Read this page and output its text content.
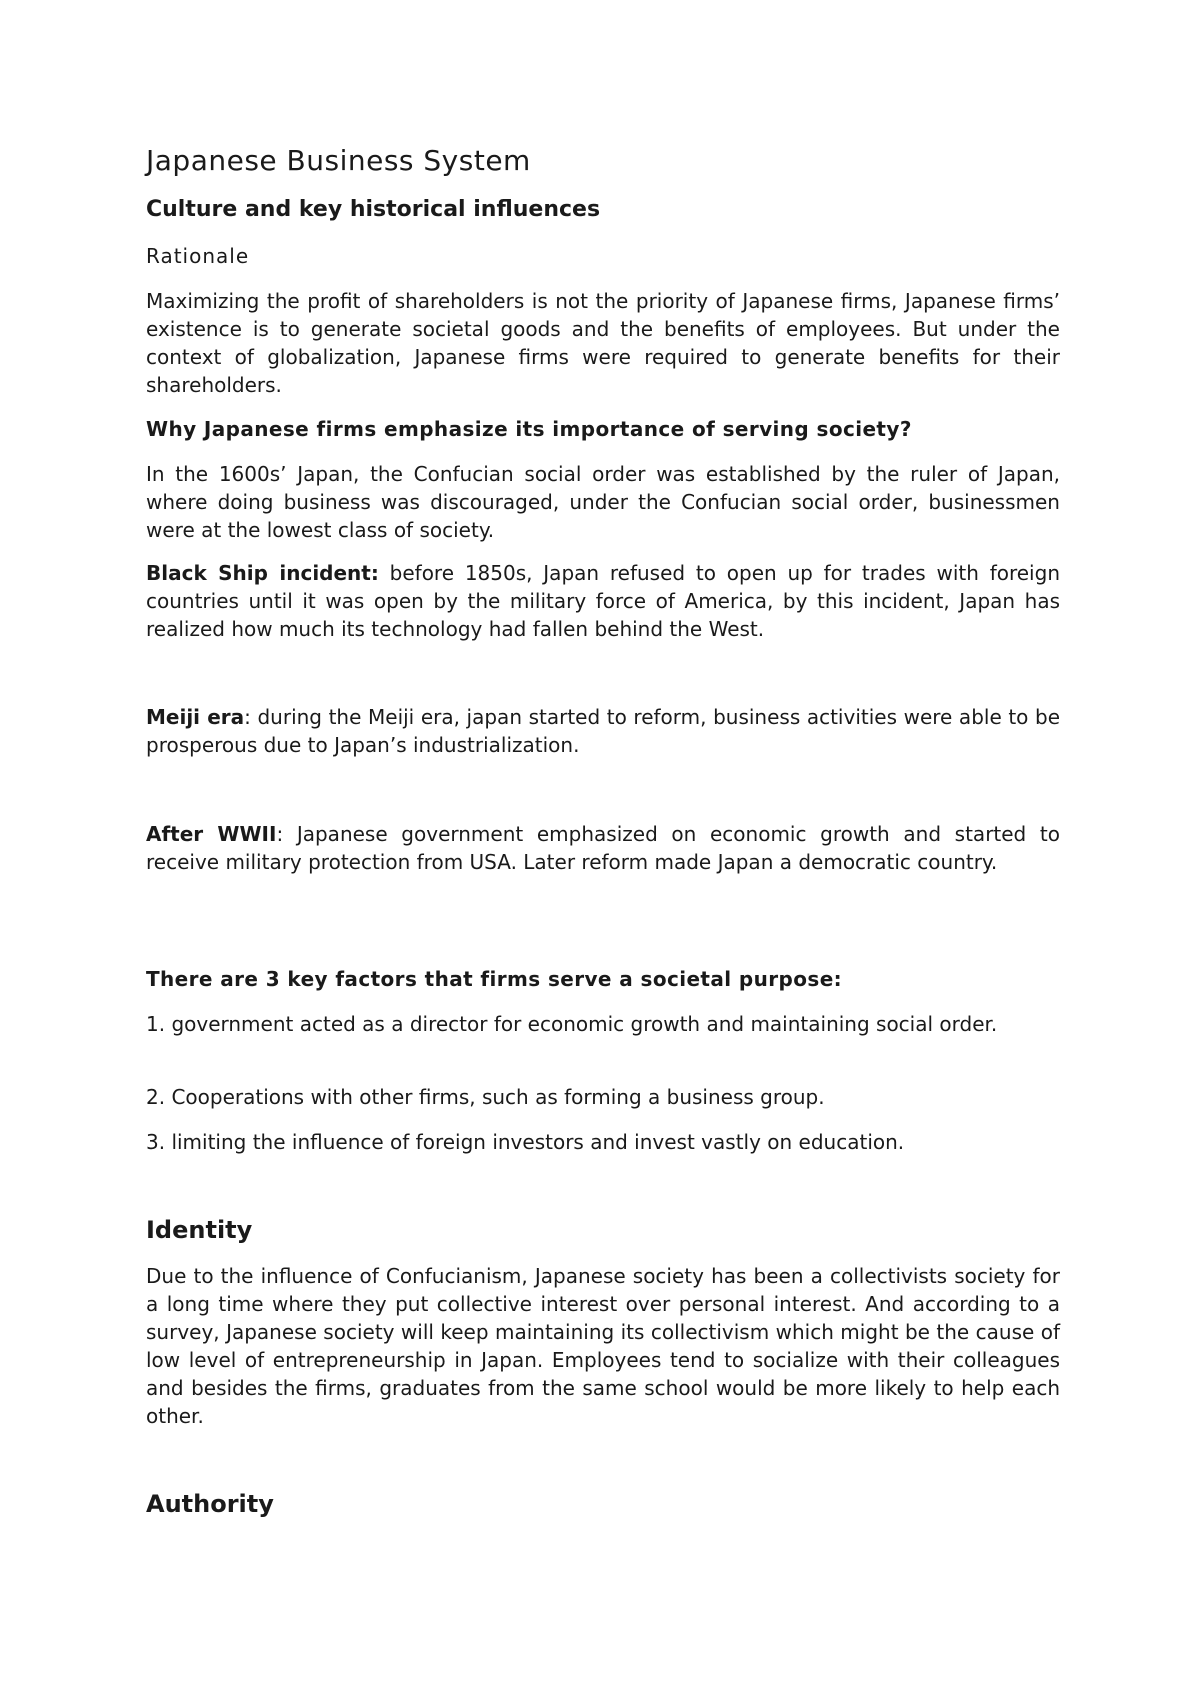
Japanese Business System
Culture and key historical influences
Rationale

Maximizing the profit of shareholders is not the priority of Japanese firms, Japanese firms’ existence is to generate societal goods and the benefits of employees. But under the context of globalization, Japanese firms were required to generate benefits for their shareholders.

Why Japanese firms emphasize its importance of serving society?

In the 1600s’ Japan, the Confucian social order was established by the ruler of Japan, where doing business was discouraged, under the Confucian social order, businessmen were at the lowest class of society.

Black Ship incident: before 1850s, Japan refused to open up for trades with foreign countries until it was open by the military force of America, by this incident, Japan has realized how much its technology had fallen behind the West.

Meiji era: during the Meiji era, japan started to reform, business activities were able to be prosperous due to Japan’s industrialization.

After WWII: Japanese government emphasized on economic growth and started to receive military protection from USA. Later reform made Japan a democratic country.

There are 3 key factors that firms serve a societal purpose:

1. government acted as a director for economic growth and maintaining social order.

2. Cooperations with other firms, such as forming a business group.

3. limiting the influence of foreign investors and invest vastly on education.

Identity

Due to the influence of Confucianism, Japanese society has been a collectivists society for a long time where they put collective interest over personal interest. And according to a survey, Japanese society will keep maintaining its collectivism which might be the cause of low level of entrepreneurship in Japan. Employees tend to socialize with their colleagues and besides the firms, graduates from the same school would be more likely to help each other.

Authority
